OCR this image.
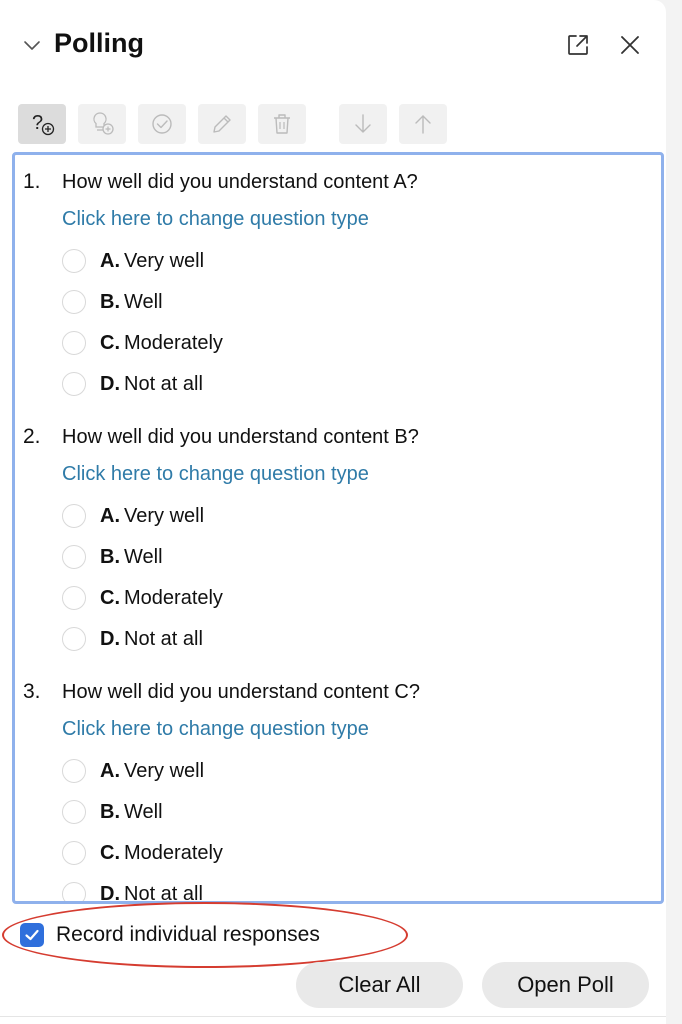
Polling
?
1. How well did you understand content A?
Click here to change question type
A. Very well
B. Well
C. Moderately
D. Not at all
2. How well did you understand content B?
Click here to change question type
A. Very well
B. Well
C. Moderately
D. Not at all
3. How well did you understand content C?
Click here to change question type
A. Very well
B. Well
C. Moderately
D. Not at all
Record individual responses
Clear All	Open Poll
